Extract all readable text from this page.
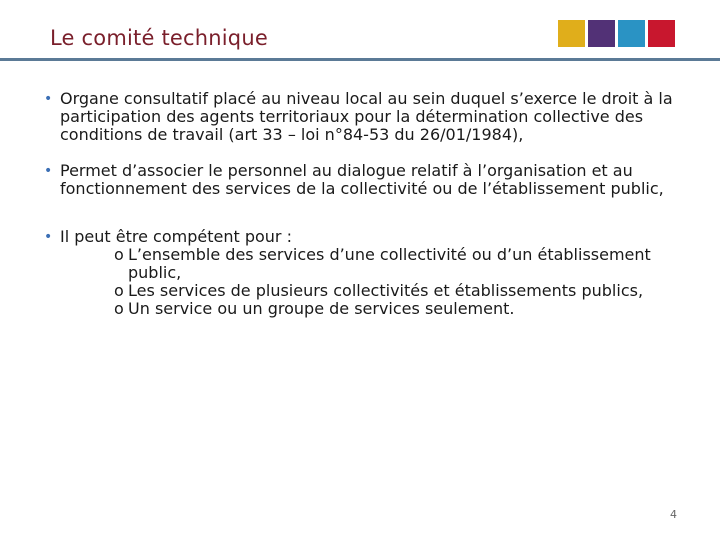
Le comité technique
• Organe consultatif placé au niveau local au sein duquel s’exerce le droit à la participation des agents territoriaux pour la détermination collective des conditions de travail (art 33 – loi n°84-53 du 26/01/1984),
• Permet d’associer le personnel au dialogue relatif à l’organisation et au fonctionnement des services de la collectivité ou de l’établissement public,
• Il peut être compétent pour :
o L’ensemble des services d’une collectivité ou d’un établissement public,
o Les services de plusieurs collectivités et établissements publics,
o Un service ou un groupe de services seulement.
4
